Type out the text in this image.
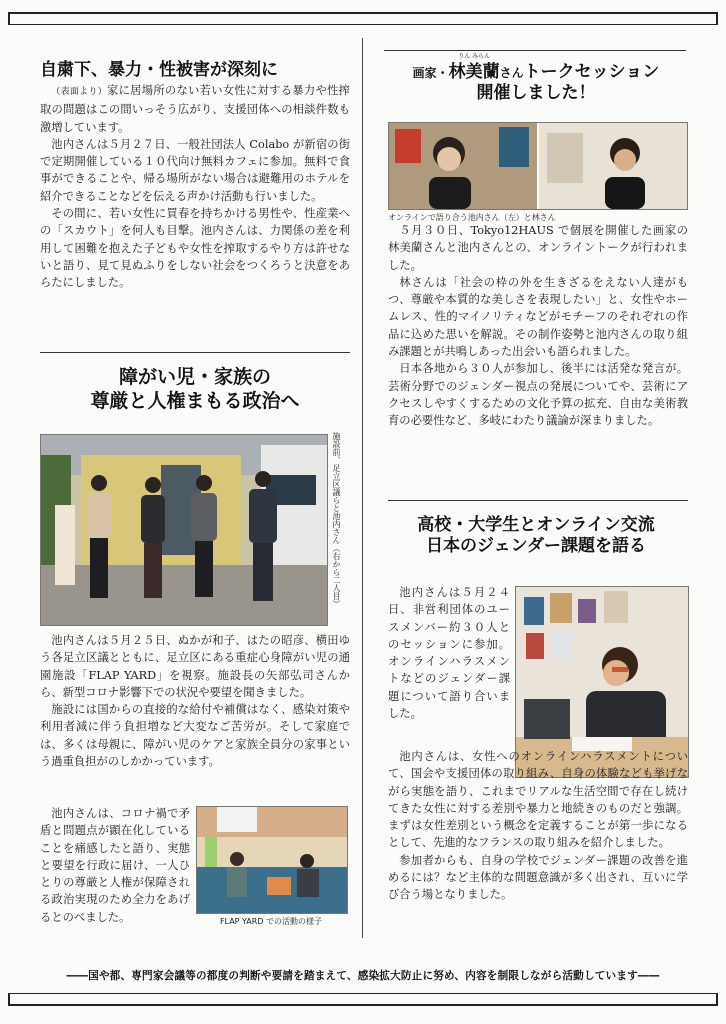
自粛下、暴力・性被害が深刻に

（表面より）家に居場所のない若い女性に対する暴力や性搾取の問題はこの間いっそう広がり、支援団体への相談件数も激増しています。

池内さんは５月２７日、一般社団法人 Colabo が新宿の街で定期開催している１０代向け無料カフェに参加。無料で食事ができることや、帰る場所がない場合は避難用のホテルを紹介できることなどを伝える声かけ活動も行いました。

その間に、若い女性に買春を持ちかける男性や、性産業への「スカウト」を何人も目撃。池内さんは、力関係の差を利用して困難を抱えた子どもや女性を搾取するやり方は許せないと語り、見て見ぬふりをしない社会をつくろうと決意をあらたにしました。

障がい児・家族の
尊厳と人権まもる政治へ
施設前、足立区議らと池内さん（右から二人目）

池内さんは５月２５日、ぬかが和子、はたの昭彦、横田ゆう各足立区議とともに、足立区にある重症心身障がい児の通園施設「FLAP YARD」を視察。施設長の矢部弘司さんから、新型コロナ影響下での状況や要望を聞きました。

施設には国からの直接的な給付や補償はなく、感染対策や利用者減に伴う負担増など大変なご苦労が。そして家庭では、多くは母親に、障がい児のケアと家族全員分の家事という過重負担がのしかかっています。

池内さんは、コロナ禍で矛盾と問題点が顕在化していることを痛感したと語り、実態と要望を行政に届け、一人ひとりの尊厳と人権が保障される政治実現のため全力をあげるとのべました。	FLAP YARD での活動の様子
画家・
りん みらん
林美蘭さんトークセッション
開催しました！
オンラインで語り合う池内さん（左）と林さん

５月３０日、Tokyo12HAUS で個展を開催した画家の林美蘭さんと池内さんとの、オンライントークが行われました。

林さんは「社会の枠の外を生きざるをえない人達がもつ、尊厳や本質的な美しさを表現したい」と、女性やホームレス、性的マイノリティなどがモチーフのそれぞれの作品に込めた思いを解説。その制作姿勢と池内さんの取り組み課題とが共鳴しあった出会いも語られました。

日本各地から３０人が参加し、後半には活発な発言が。芸術分野でのジェンダー視点の発展についてや、芸術にアクセスしやすくするための文化予算の拡充、自由な美術教育の必要性など、多岐にわたり議論が深まりました。

高校・大学生とオンライン交流
日本のジェンダー課題を語る

池内さんは５月２４日、非営利団体のユースメンバー約３０人とのセッションに参加。オンラインハラスメントなどのジェンダー課題について語り合いました。

池内さんは、女性へのオンラインハラスメントについて、国会や支援団体の取り組み、自身の体験なども挙げながら実態を語り、これまでリアルな生活空間で存在し続けてきた女性に対する差別や暴力と地続きのものだと強調。まずは女性差別という概念を定義することが第一歩になるとして、先進的なフランスの取り組みを紹介しました。

参加者からも、自身の学校でジェンダー課題の改善を進めるには？など主体的な問題意識が多く出され、互いに学び合う場となりました。

――国や都、専門家会議等の都度の判断や要請を踏まえて、感染拡大防止に努め、内容を制限しながら活動しています――
